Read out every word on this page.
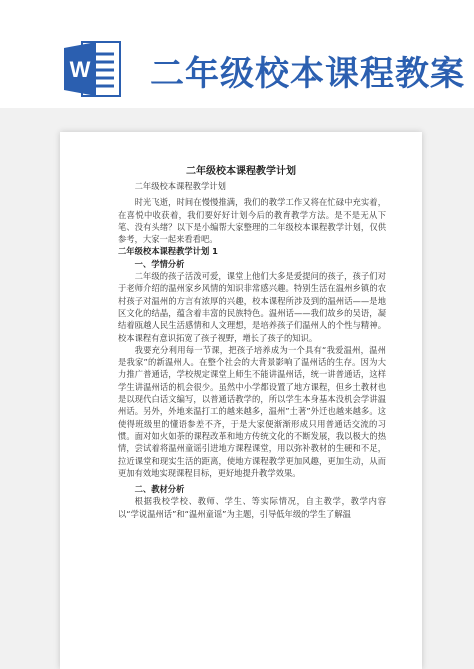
W 二年级校本课程教案
二年级校本课程教学计划

二年级校本课程教学计划

时光飞逝，时间在慢慢推满，我们的教学工作又将在忙碌中充实着，在喜悦中收获着，我们要好好计划今后的教育教学方法。是不是无从下笔、没有头绪？以下是小编帮大家整理的二年级校本课程教学计划，仅供参考，大家一起来看看吧。

二年级校本课程教学计划 1

一、学情分析

二年级的孩子活泼可爱，课堂上他们大多是爱提问的孩子，孩子们对于老师介绍的温州家乡风情的知识非常感兴趣。特别生活在温州乡镇的农村孩子对温州的方言有浓厚的兴趣，校本课程所涉及到的温州话——是地区文化的结晶，蕴含着丰富的民族特色。温州话——我们故乡的吴语，凝结着瓯越人民生活感情和人文理想，是培养孩子们温州人的个性与精神。校本课程有意识拓宽了孩子视野，增长了孩子的知识。

我要充分利用每一节课，把孩子培养成为一个具有“我爱温州，温州是我家”的新温州人。在整个社会的大背景影响了温州话的生存。因为大力推广普通话，学校规定课堂上师生不能讲温州话，统一讲普通话，这样学生讲温州话的机会很少。虽然中小学都设置了地方课程，但乡土教材也是以现代白话文编写，以普通话教学的，所以学生本身基本没机会学讲温州话。另外，外地来温打工的越来越多，温州”土著”外迁也越来越多。这使得班级里的懂语参差不齐，于是大家便渐渐形成只用普通话交流的习惯。面对如火如荼的课程改革和地方传统文化的不断发展，我以极大的热情，尝试着将温州童谣引进地方课程课堂，用以弥补教材的生硬和不足，拉近课堂和现实生活的距离，使地方课程教学更加风趣，更加生动，从而更加有效地实现课程目标，更好地提升教学效果。

二、教材分析

根据我校学校、教师、学生、等实际情况，自主教学，教学内容以“学说温州话”和“温州童谣”为主题，引导低年级的学生了解温
